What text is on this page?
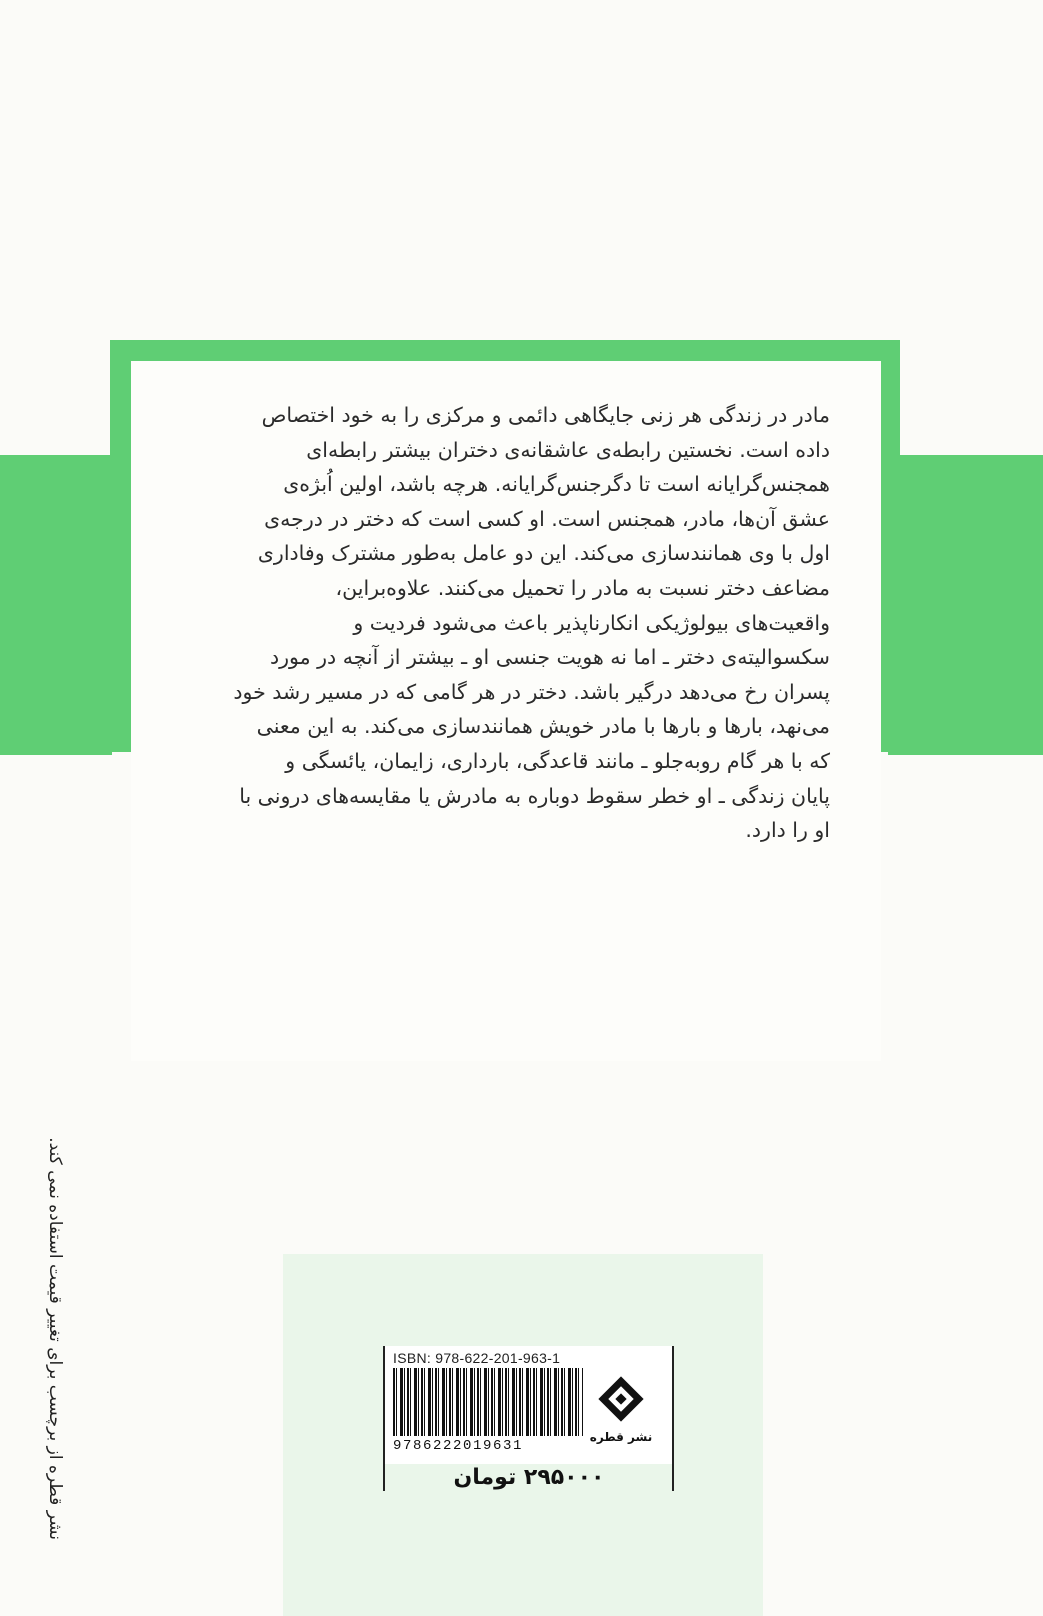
مادر در زندگی هر زنی جایگاهی دائمی و مرکزی را به خود اختصاص
داده است. نخستین رابطه‌ی عاشقانه‌ی دختران بیشتر رابطه‌ای
همجنس‌گرایانه است تا دگرجنس‌گرایانه. هرچه باشد، اولین اُبژه‌ی
عشق آن‌ها، مادر، همجنس است. او کسی است که دختر در درجه‌ی
اول با وی همانندسازی می‌کند. این دو عامل به‌طور مشترک وفاداری
مضاعف دختر نسبت به مادر را تحمیل می‌کنند. علاوه‌براین،
واقعیت‌های بیولوژیکی انکارناپذیر باعث می‌شود فردیت و
سکسوالیته‌ی دختر ـ اما نه هویت جنسی او ـ بیشتر از آنچه در مورد
پسران رخ می‌دهد درگیر باشد. دختر در هر گامی که در مسیر رشد خود
می‌نهد، بارها و بارها با مادر خویش همانندسازی می‌کند. به این معنی
که با هر گام روبه‌جلو ـ مانند قاعدگی، بارداری، زایمان، یائسگی و
پایان زندگی ـ او خطر سقوط دوباره به مادرش یا مقایسه‌های درونی با
او را دارد.
نشر قطره از برچسب برای تغییر قیمت استفاده نمی کند.	ISBN: 978-622-201-963-1
9786222019631
نشر قطره
۲۹۵۰۰۰ تومان
